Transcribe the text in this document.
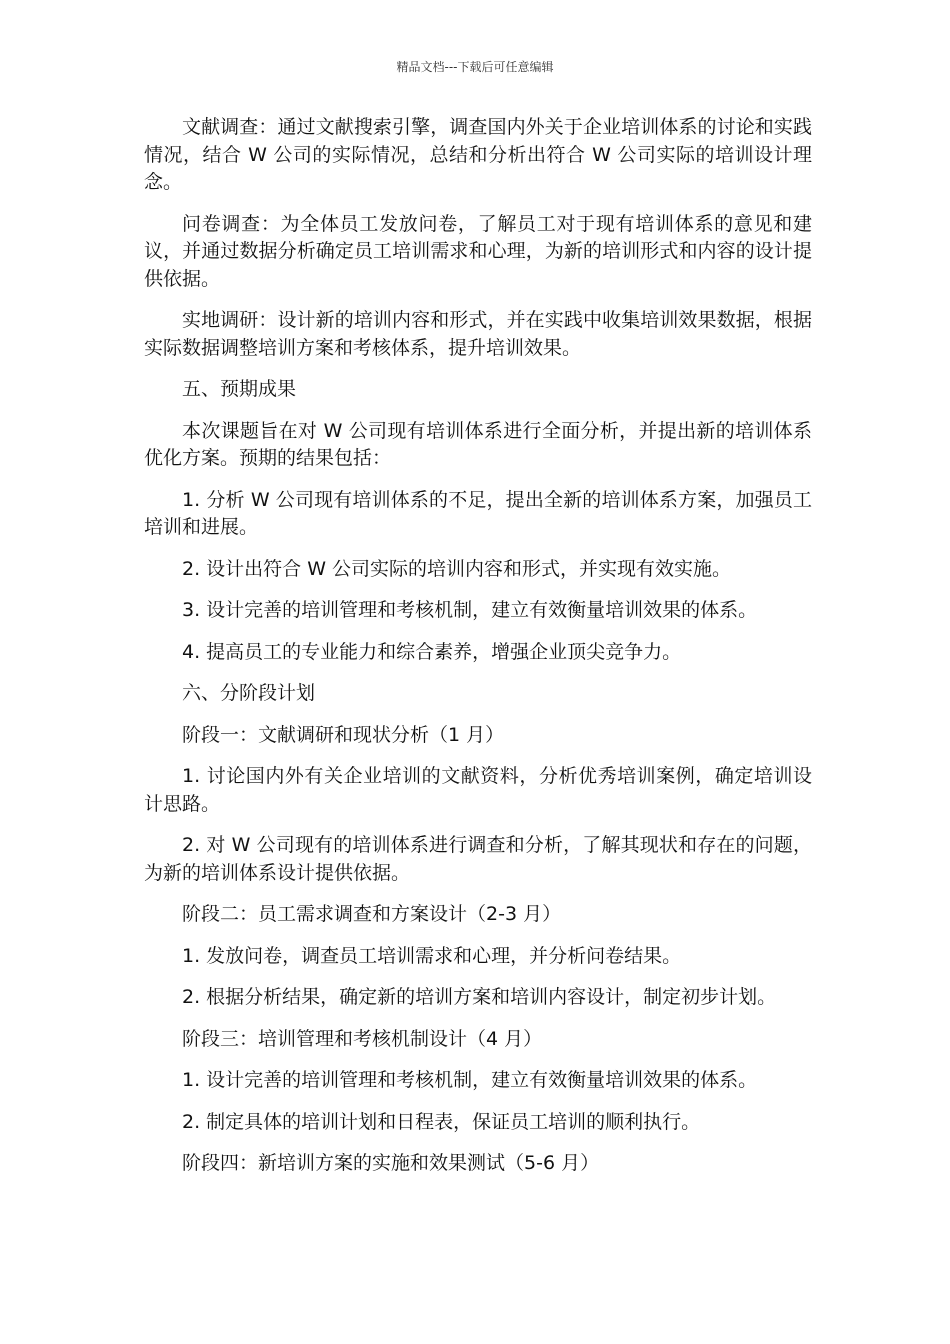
精品文档---下载后可任意编辑

文献调查：通过文献搜索引擎，调查国内外关于企业培训体系的讨论和实践情况，结合 W 公司的实际情况，总结和分析出符合 W 公司实际的培训设计理念。

问卷调查：为全体员工发放问卷，了解员工对于现有培训体系的意见和建议，并通过数据分析确定员工培训需求和心理，为新的培训形式和内容的设计提供依据。

实地调研：设计新的培训内容和形式，并在实践中收集培训效果数据，根据实际数据调整培训方案和考核体系，提升培训效果。

五、预期成果

本次课题旨在对 W 公司现有培训体系进行全面分析，并提出新的培训体系优化方案。预期的结果包括：

1. 分析 W 公司现有培训体系的不足，提出全新的培训体系方案，加强员工培训和进展。

2. 设计出符合 W 公司实际的培训内容和形式，并实现有效实施。

3. 设计完善的培训管理和考核机制，建立有效衡量培训效果的体系。

4. 提高员工的专业能力和综合素养，增强企业顶尖竞争力。

六、分阶段计划

阶段一：文献调研和现状分析（1 月）

1. 讨论国内外有关企业培训的文献资料，分析优秀培训案例，确定培训设计思路。

2. 对 W 公司现有的培训体系进行调查和分析，了解其现状和存在的问题，为新的培训体系设计提供依据。

阶段二：员工需求调查和方案设计（2-3 月）

1. 发放问卷，调查员工培训需求和心理，并分析问卷结果。

2. 根据分析结果，确定新的培训方案和培训内容设计，制定初步计划。

阶段三：培训管理和考核机制设计（4 月）

1. 设计完善的培训管理和考核机制，建立有效衡量培训效果的体系。

2. 制定具体的培训计划和日程表，保证员工培训的顺利执行。

阶段四：新培训方案的实施和效果测试（5-6 月）
